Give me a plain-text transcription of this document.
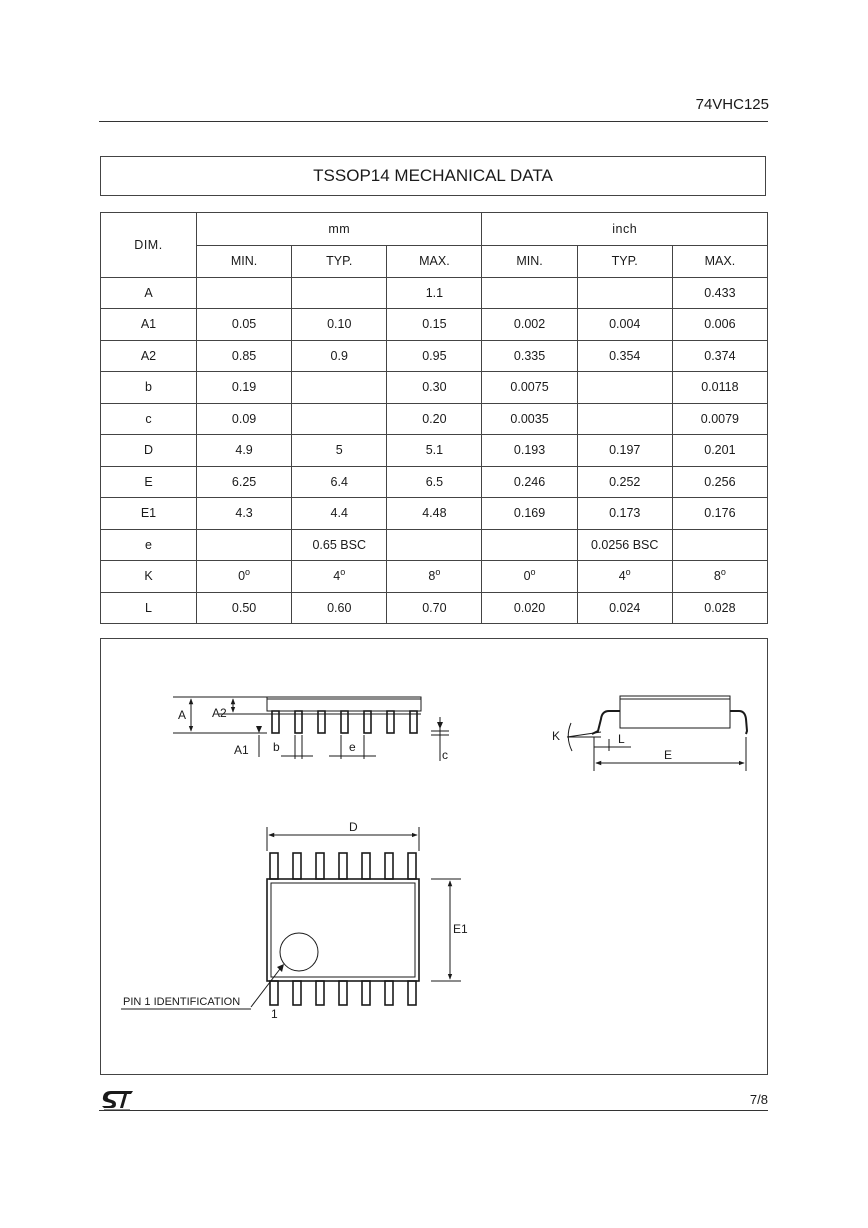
74VHC125
TSSOP14 MECHANICAL DATA
DIM.	mm			inch		
	MIN.	TYP.	MAX.	MIN.	TYP.	MAX.
A			1.1			0.433
A1	0.05	0.10	0.15	0.002	0.004	0.006
A2	0.85	0.9	0.95	0.335	0.354	0.374
b	0.19		0.30	0.0075		0.0118
c	0.09		0.20	0.0035		0.0079
D	4.9	5	5.1	0.193	0.197	0.201
E	6.25	6.4	6.5	0.246	0.252	0.256
E1	4.3	4.4	4.48	0.169	0.173	0.176
e		0.65 BSC			0.0256 BSC	
K	0$^o$	4$^o$	8$^o$	0$^o$	4$^o$	8$^o$
L	0.50	0.60	0.70	0.020	0.024	0.028
A A2
A1 b	e
c
K	L
E
D
E1
PIN 1 IDENTIFICATION
1
7/8
